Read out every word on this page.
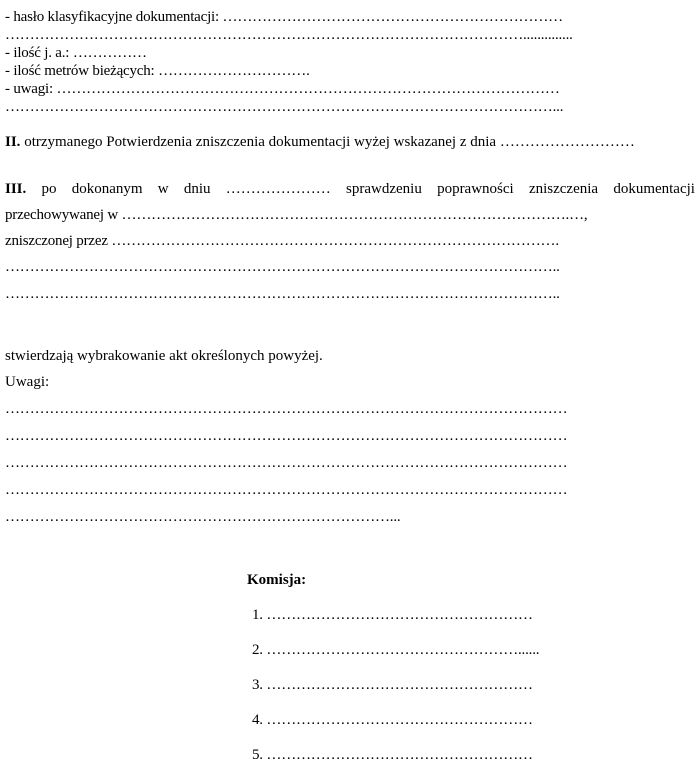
- hasło klasyfikacyjne dokumentacji: ……………………………………………………………
……………………………………………………………………………………………..............
- ilość j. a.: ……………
- ilość metrów bieżących: ………………………….
- uwagi: …………………………………………………………………………………………
…………………………………………………………………………………………………...
II. otrzymanego Potwierdzenia zniszczenia dokumentacji wyżej wskazanej z dnia ………………………
III. po dokonanym w dniu ………………… sprawdzeniu poprawności zniszczenia dokumentacji
przechowywanej w ……………………………………………………………………………….…,
zniszczonej przez ……………………………………………………………………………….
…………………………………………………………………………………………………..
…………………………………………………………………………………………………..
stwierdzają wybrakowanie akt określonych powyżej.
Uwagi:
……………………………………………………………………………………………………
……………………………………………………………………………………………………
……………………………………………………………………………………………………
……………………………………………………………………………………………………
……………………………………………………………………...
Komisja:
1. ………………………………………………
2. ……………………………………………......
3. ………………………………………………
4. ………………………………………………
5. ………………………………………………
